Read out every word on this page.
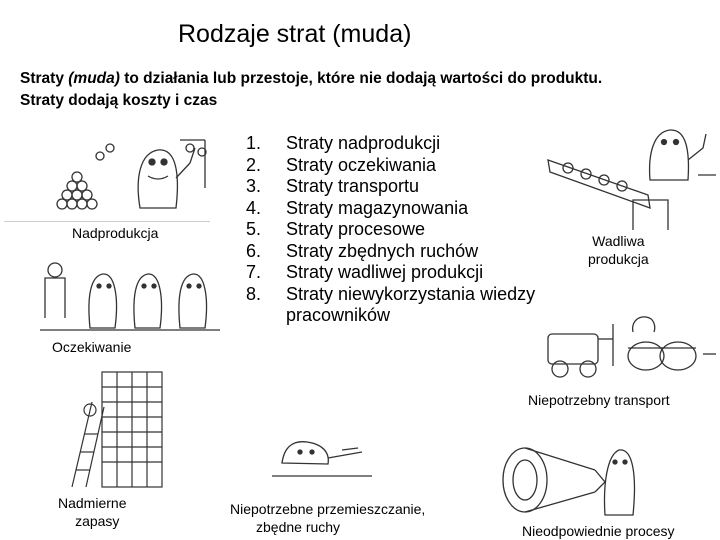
Rodzaje strat (muda)
Straty (muda) to działania lub przestoje, które nie dodają wartości do produktu.
Straty dodają koszty i czas
1. Straty nadprodukcji
2. Straty oczekiwania
3. Straty transportu
4. Straty magazynowania
5. Straty procesowe
6. Straty zbędnych ruchów
7. Straty wadliwej produkcji
8. Straty niewykorzystania wiedzy
pracowników
Nadprodukcja
Oczekiwanie
Nadmierne
zapasy
Niepotrzebne przemieszczanie,
zbędne ruchy
Wadliwa
produkcja
Niepotrzebny transport
Nieodpowiednie procesy
